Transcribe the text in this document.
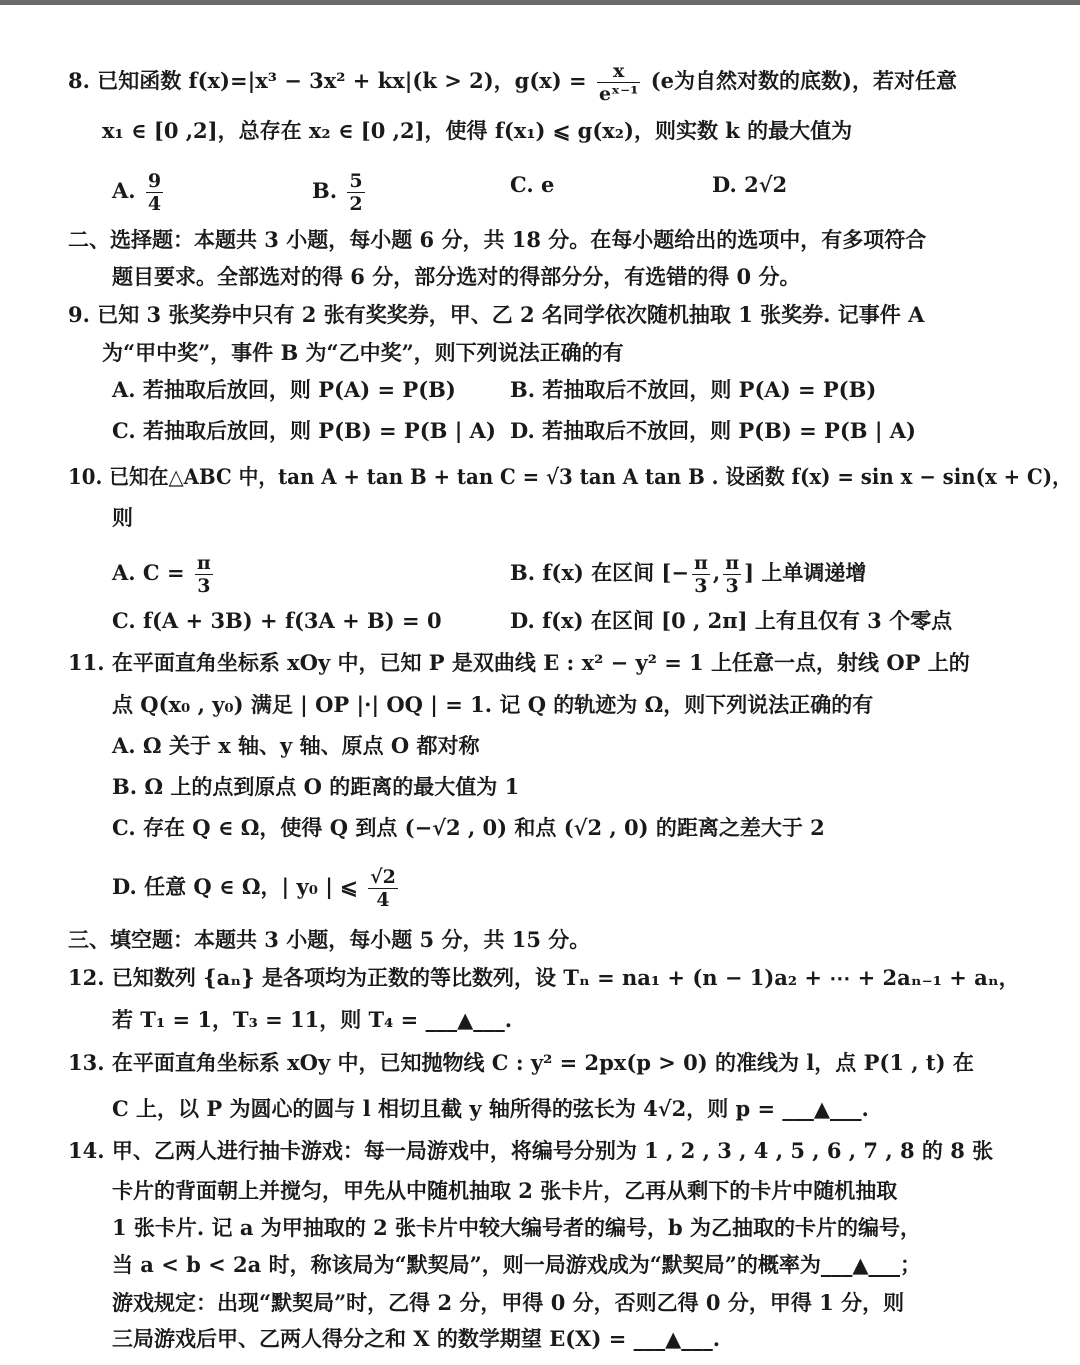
8. 已知函数 f(x)=|x³ − 3x² + kx|(k > 2)，$g(x) = \frac{x}{\text{eˣ⁻¹}} (e$为自然对数的底数)，若对任意
x₁ ∈ [0 ,2]，总存在 x₂ ∈ [0 ,2]，使得 f(x₁) ⩽ g(x₂)，则实数 k 的最大值为
A. $\frac{9}{4}$	B. $\frac{5}{2}$	C. e	D. 2√2
二、选择题：本题共 3 小题，每小题 6 分，共 18 分。在每小题给出的选项中，有多项符合
题目要求。全部选对的得 6 分，部分选对的得部分分，有选错的得 0 分。
9. 已知 3 张奖券中只有 2 张有奖奖券，甲、乙 2 名同学依次随机抽取 1 张奖券. 记事件 A
为“甲中奖”，事件 B 为“乙中奖”，则下列说法正确的有
A. 若抽取后放回，则 P(A) = P(B)	B. 若抽取后不放回，则 P(A) = P(B)
C. 若抽取后放回，则 P(B) = P(B | A) D. 若抽取后不放回，则 P(B) = P(B | A)
10. 已知在△ABC 中，tan A + tan B + tan C = √3 tan A tan B . 设函数 f(x) = sin x − sin(x + C)，
则
A. $C = \frac{\pi}{3}$	B. f(x) 在区间 [− $\frac{\pi}{3}$ , $\frac{\pi}{3}$ ] 上单调递增
C. f(A + 3B) + f(3A + B) = 0	D. f(x) 在区间 [0 , 2π] 上有且仅有 3 个零点
11. 在平面直角坐标系 xOy 中，已知 P 是双曲线 E : x² − y² = 1 上任意一点，射线 OP 上的
点 Q(x₀ , y₀) 满足 | OP |·| OQ | = 1. 记 Q 的轨迹为 Ω，则下列说法正确的有
A. Ω 关于 x 轴、y 轴、原点 O 都对称
B. Ω 上的点到原点 O 的距离的最大值为 1
C. 存在 Q ∈ Ω，使得 Q 到点 (−√2 , 0) 和点 (√2 , 0) 的距离之差大于 2
D. 任意 Q ∈ Ω，| y₀ | ⩽ $\frac{√2}{4}$
三、填空题：本题共 3 小题，每小题 5 分，共 15 分。
12. 已知数列 {aₙ} 是各项均为正数的等比数列，设 Tₙ = na₁ + (n − 1)a₂ + ⋯ + 2aₙ₋₁ + aₙ，
若 T₁ = 1，T₃ = 11，则 T₄ = ___▲___.
13. 在平面直角坐标系 xOy 中，已知抛物线 C : y² = 2px(p > 0) 的准线为 l，点 P(1 , t) 在
C 上，以 P 为圆心的圆与 l 相切且截 y 轴所得的弦长为 4√2，则 p = ___▲___.
14. 甲、乙两人进行抽卡游戏：每一局游戏中，将编号分别为 1 , 2 , 3 , 4 , 5 , 6 , 7 , 8 的 8 张
卡片的背面朝上并搅匀，甲先从中随机抽取 2 张卡片，乙再从剩下的卡片中随机抽取
1 张卡片. 记 a 为甲抽取的 2 张卡片中较大编号者的编号，b 为乙抽取的卡片的编号，
当 a < b < 2a 时，称该局为“默契局”，则一局游戏成为“默契局”的概率为___▲___；
游戏规定：出现“默契局”时，乙得 2 分，甲得 0 分，否则乙得 0 分，甲得 1 分，则
三局游戏后甲、乙两人得分之和 X 的数学期望 E(X) = ___▲___.
